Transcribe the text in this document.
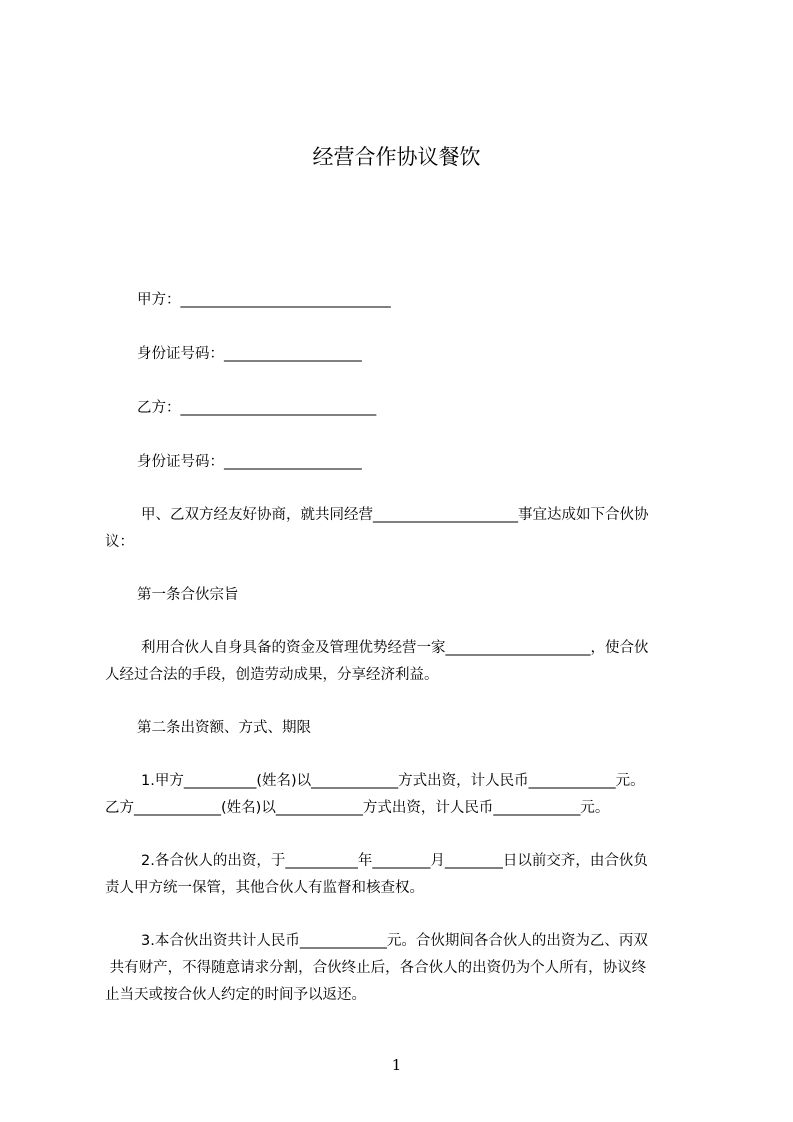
经营合作协议餐饮
甲方：_____________________________
身份证号码：___________________
乙方：___________________________
身份证号码：___________________
甲、乙双方经友好协商，就共同经营____________________事宜达成如下合伙协
议：
第一条合伙宗旨
利用合伙人自身具备的资金及管理优势经营一家____________________，使合伙
人经过合法的手段，创造劳动成果，分享经济利益。
第二条出资额、方式、期限
1.甲方__________(姓名)以____________方式出资，计人民币____________元。
乙方____________(姓名)以____________方式出资，计人民币____________元。
2.各合伙人的出资，于__________年________月________日以前交齐，由合伙负
责人甲方统一保管，其他合伙人有监督和核查权。
3.本合伙出资共计人民币____________元。合伙期间各合伙人的出资为乙、丙双
共有财产，不得随意请求分割，合伙终止后，各合伙人的出资仍为个人所有，协议终
止当天或按合伙人约定的时间予以返还。
1
